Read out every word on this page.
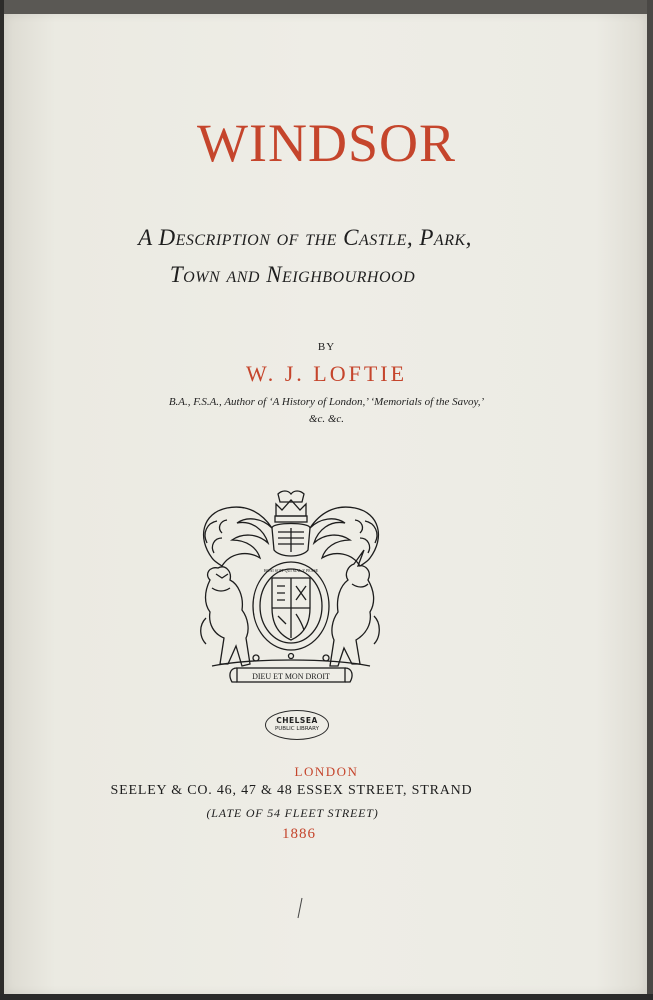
WINDSOR
A Description of the Castle, Park,
Town and Neighbourhood
BY
W. J. LOFTIE
B.A., F.S.A., Author of ‘A History of London,’ ‘Memorials of the Savoy,’
&c. &c.
DIEU ET MON DROIT
HONI SOIT QUI MAL Y PENSE
CHELSEA
PUBLIC LIBRARY
LONDON
SEELEY & CO. 46, 47 & 48 ESSEX STREET, STRAND
(LATE OF 54 FLEET STREET)
1886
